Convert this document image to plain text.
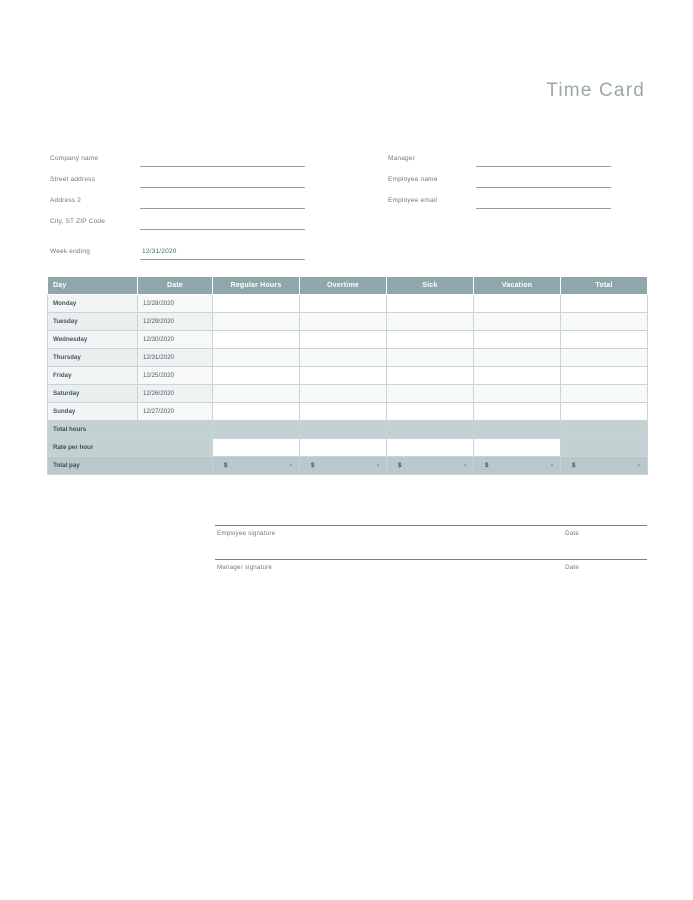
Time Card
Company name
Street address
Address 2
City, ST ZIP Code
Week ending	12/31/2020
Manager
Employee name
Employee email
Day	Date	Regular Hours	Overtime	Sick	Vacation	Total
Monday	12/28/2020					
Tuesday	12/29/2020					
Wednesday	12/30/2020					
Thursday	12/31/2020					
Friday	12/25/2020					
Saturday	12/26/2020					
Sunday	12/27/2020					
Total hours						
Rate per hour						
Total pay		$ -	$ -	$ -	$ -	$ -
Employee signature	Date
Manager signature	Date
